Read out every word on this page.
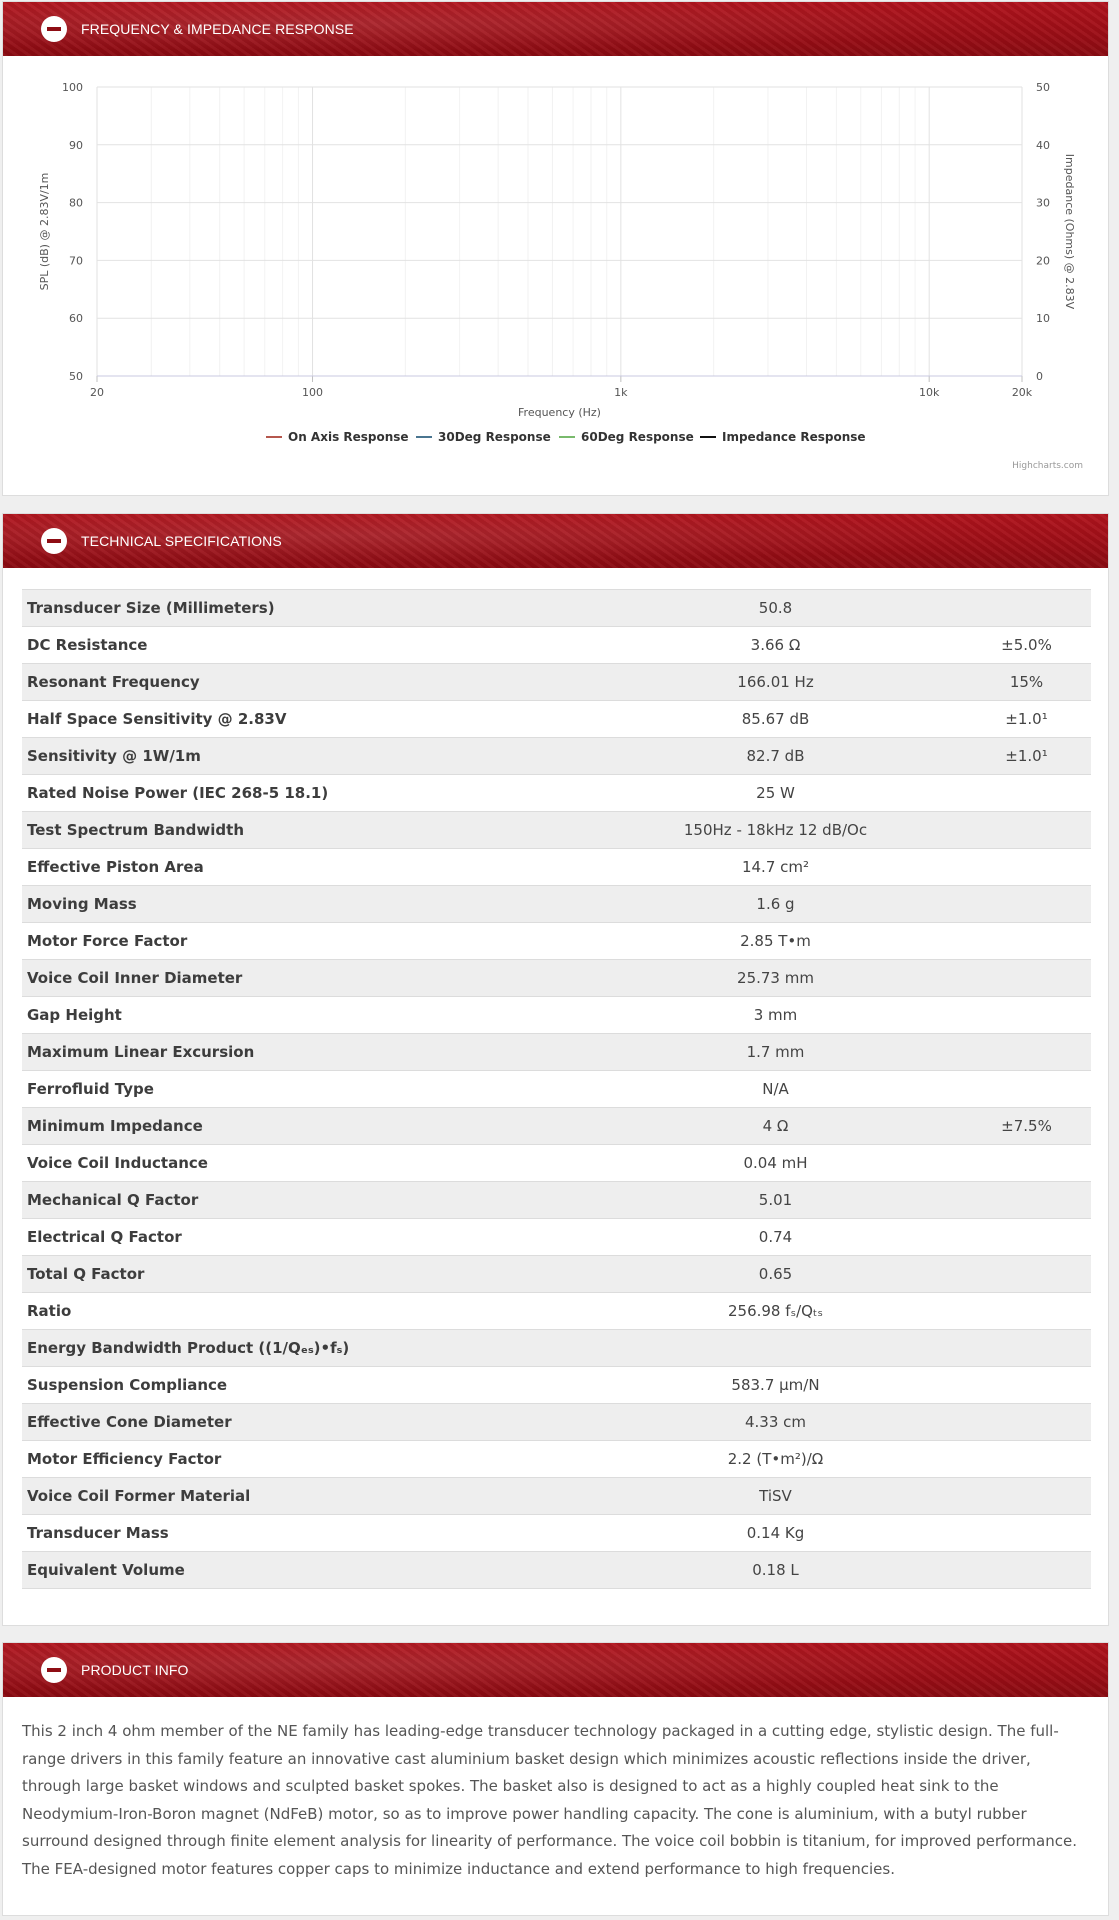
FREQUENCY & IMPEDANCE RESPONSE
50
60
70
80
90
100
0
10
20
30
40
50
20	100	1k	10k	20k
Frequency (Hz)
SPL (dB) @ 2.83V/1m	Impedance (Ohms) @ 2.83V
On Axis Response 30Deg Response	60Deg Response Impedance Response
Highcharts.com
TECHNICAL SPECIFICATIONS
Transducer Size (Millimeters)	50.8	
DC Resistance	3.66 Ω	±5.0%
Resonant Frequency	166.01 Hz	15%
Half Space Sensitivity @ 2.83V	85.67 dB	±1.0¹
Sensitivity @ 1W/1m	82.7 dB	±1.0¹
Rated Noise Power (IEC 268-5 18.1)	25 W	
Test Spectrum Bandwidth	150Hz - 18kHz 12 dB/Oc	
Effective Piston Area	14.7 cm²	
Moving Mass	1.6 g	
Motor Force Factor	2.85 T•m	
Voice Coil Inner Diameter	25.73 mm	
Gap Height	3 mm	
Maximum Linear Excursion	1.7 mm	
Ferrofluid Type	N/A	
Minimum Impedance	4 Ω	±7.5%
Voice Coil Inductance	0.04 mH	
Mechanical Q Factor	5.01	
Electrical Q Factor	0.74	
Total Q Factor	0.65	
Ratio	256.98 fₛ/Qₜₛ	
Energy Bandwidth Product ((1/Qₑₛ)•fₛ)		
Suspension Compliance	583.7 μm/N	
Effective Cone Diameter	4.33 cm	
Motor Efficiency Factor	2.2 (T•m²)/Ω	
Voice Coil Former Material	TiSV	
Transducer Mass	0.14 Kg	
Equivalent Volume	0.18 L	
PRODUCT INFO

This 2 inch 4 ohm member of the NE family has leading-edge transducer technology packaged in a cutting edge, stylistic design. The full-range drivers in this family feature an innovative cast aluminium basket design which minimizes acoustic reflections inside the driver, through large basket windows and sculpted basket spokes. The basket also is designed to act as a highly coupled heat sink to the Neodymium-Iron-Boron magnet (NdFeB) motor, so as to improve power handling capacity. The cone is aluminium, with a butyl rubber surround designed through finite element analysis for linearity of performance. The voice coil bobbin is titanium, for improved performance. The FEA-designed motor features copper caps to minimize inductance and extend performance to high frequencies.
